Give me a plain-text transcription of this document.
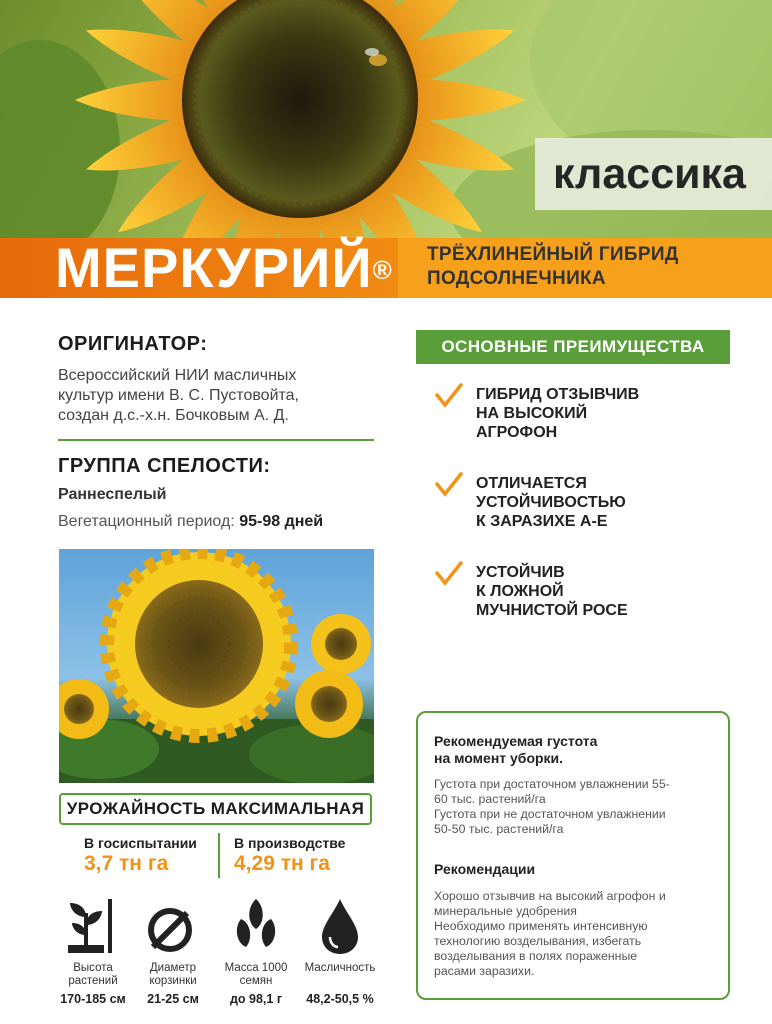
классика
МЕРКУРИЙ®
ТРЁХЛИНЕЙНЫЙ ГИБРИД
ПОДСОЛНЕЧНИКА
ОРИГИНАТОР:
Всероссийский НИИ масличных
культур имени В. С. Пустовойта,
создан д.с.-х.н. Бочковым А. Д.
ГРУППА СПЕЛОСТИ:
Раннеспелый
Вегетационный период: 95-98 дней
УРОЖАЙНОСТЬ МАКСИМАЛЬНАЯ
В госиспытании
3,7 тн га
В производстве
4,29 тн га
Высота растений
170-185 см
Диаметр корзинки
21-25 см
Масса 1000 семян
до 98,1 г
Масличность
48,2-50,5 %
ОСНОВНЫЕ ПРЕИМУЩЕСТВА
ГИБРИД ОТЗЫВЧИВ
НА ВЫСОКИЙ
АГРОФОН
ОТЛИЧАЕТСЯ
УСТОЙЧИВОСТЬЮ
К ЗАРАЗИХЕ А-Е
УСТОЙЧИВ
К ЛОЖНОЙ
МУЧНИСТОЙ РОСЕ
Рекомендуемая густота
на момент уборки.
Густота при достаточном увлажнении 55-
60 тыс. растений/га
Густота при не достаточном увлажнении
50-50 тыс. растений/га
Рекомендации
Хорошо отзывчив на высокий агрофон и
минеральные удобрения
Необходимо применять интенсивную
технологию возделывания, избегать
возделывания в полях пораженные
расами заразихи.
